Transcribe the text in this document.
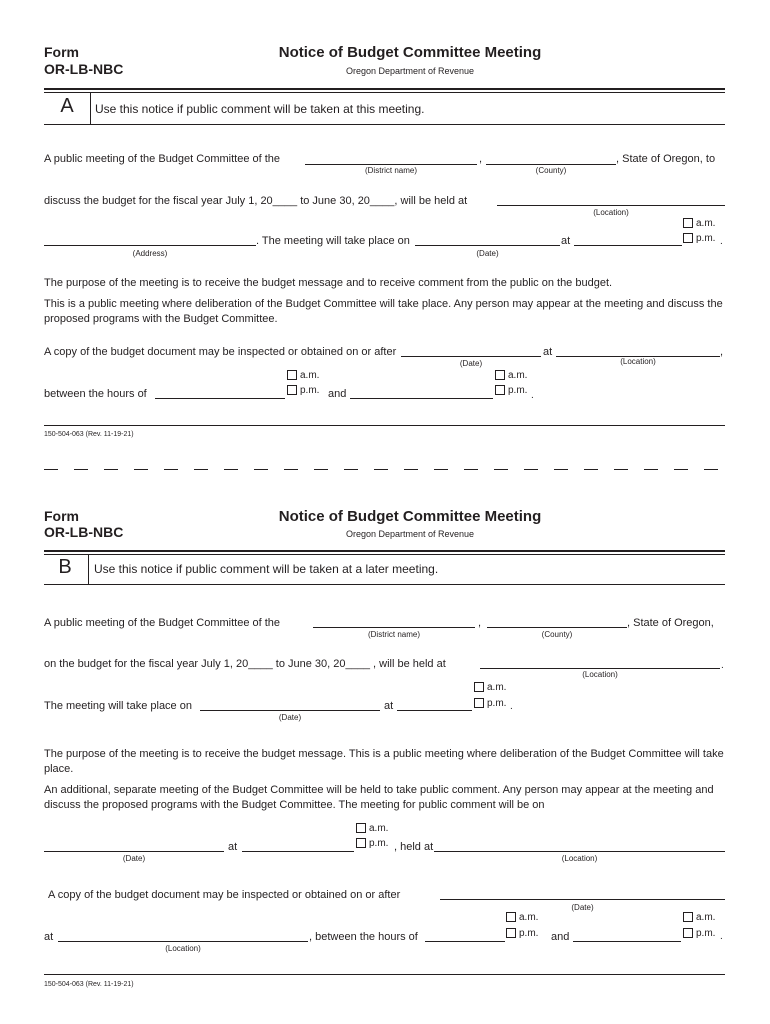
Form
OR-LB-NBC
Notice of Budget Committee Meeting
Oregon Department of Revenue
A	Use this notice if public comment will be taken at this meeting.
A public meeting of the Budget Committee of the	,	, State of Oregon, to
(District name)	(County)
discuss the budget for the fiscal year July 1, 20____ to June 30, 20____, will be held at
(Location)
a.m.
p.m. .
. The meeting will take place on	at
(Address)	(Date)
The purpose of the meeting is to receive the budget message and to receive comment from the public on the budget.
This is a public meeting where deliberation of the Budget Committee will take place. Any person may appear at the meeting and discuss the proposed programs with the Budget Committee.
A copy of the budget document may be inspected or obtained on or after	at	,
(Date)	(Location)
a.m.
p.m.
a.m.
p.m.
between the hours of	and	.
150-504-063 (Rev. 11-19-21)
Form
OR-LB-NBC
Notice of Budget Committee Meeting
Oregon Department of Revenue
B	Use this notice if public comment will be taken at a later meeting.
A public meeting of the Budget Committee of the	,	, State of Oregon,
(District name)	(County)
on the budget for the fiscal year July 1, 20____ to June 30, 20____ , will be held at	.
(Location)
a.m.
p.m. .
The meeting will take place on	at
(Date)
The purpose of the meeting is to receive the budget message. This is a public meeting where deliberation of the Budget Committee will take place.
An additional, separate meeting of the Budget Committee will be held to take public comment. Any person may appear at the meeting and discuss the proposed programs with the Budget Committee. The meeting for public comment will be on
a.m.
p.m.
at	, held at
(Date)	(Location)
A copy of the budget document may be inspected or obtained on or after
(Date)
a.m.
p.m.
a.m.
p.m. .
at	, between the hours of	and
(Location)
150-504-063 (Rev. 11-19-21)
